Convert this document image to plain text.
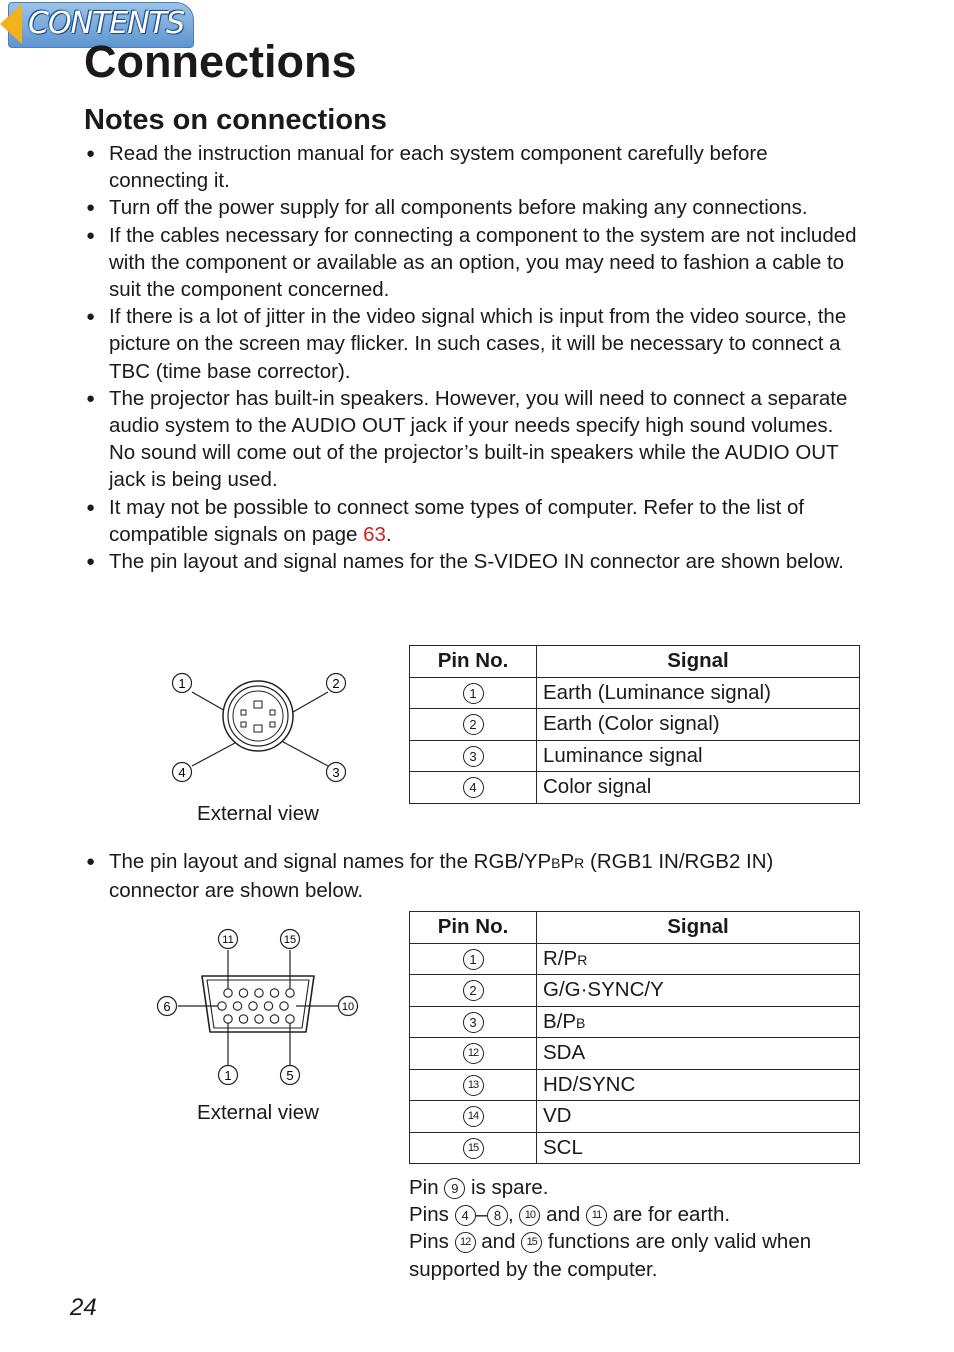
CONTENTS
Connections
Notes on connections
● Read the instruction manual for each system component carefully before connecting it.
● Turn off the power supply for all components before making any connections.
● If the cables necessary for connecting a component to the system are not included with the component or available as an option, you may need to fashion a cable to suit the component concerned.
● If there is a lot of jitter in the video signal which is input from the video source, the picture on the screen may flicker. In such cases, it will be necessary to connect a TBC (time base corrector).
● The projector has built-in speakers. However, you will need to connect a separate audio system to the AUDIO OUT jack if your needs specify high sound volumes. No sound will come out of the projector’s built-in speakers while the AUDIO OUT jack is being used.
● It may not be possible to connect some types of computer. Refer to the list of compatible signals on page 63.
● The pin layout and signal names for the S-VIDEO IN connector are shown below.
1	2
4	3
External view
Pin No.	Signal
1	Earth (Luminance signal)
2	Earth (Color signal)
3	Luminance signal
4	Color signal
● The pin layout and signal names for the RGB/YPBPR (RGB1 IN/RGB2 IN) connector are shown below.
11	15
6	10
1	5
External view
Pin No.	Signal
1	R/PR
2	G/G·SYNC/Y
3	B/PB
12	SDA
13	HD/SYNC
14	VD
15	SCL
Pin 9 is spare.
Pins 4 – 8 , 10 and 11 are for earth.
Pins 12 and 15 functions are only valid when supported by the computer.
24
